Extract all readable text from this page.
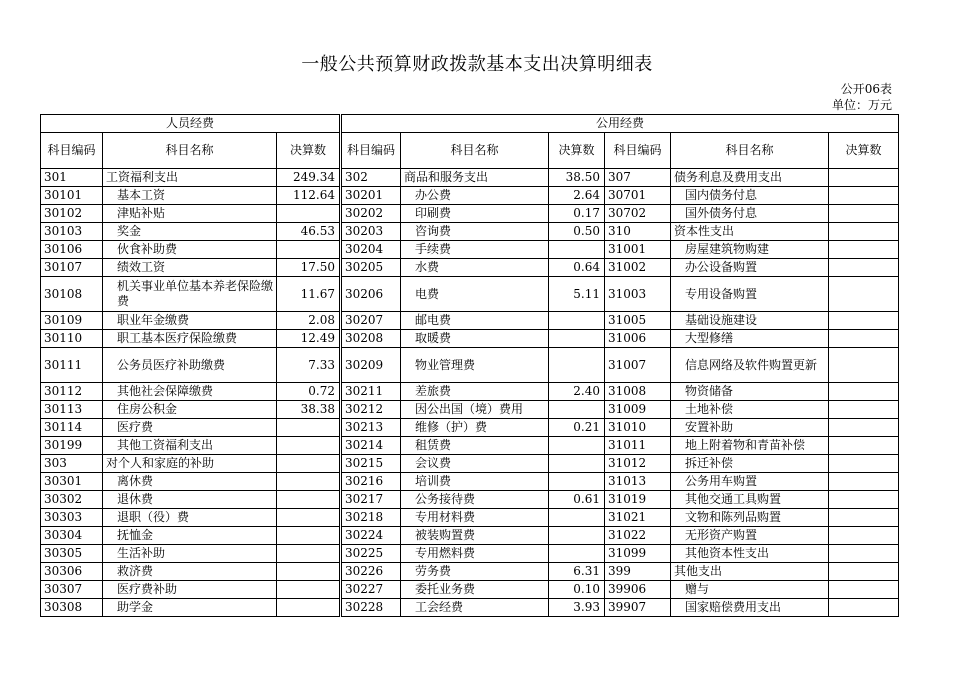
一般公共预算财政拨款基本支出决算明细表
公开06表
单位：万元
人员经费			公用经费					
科目编码	科目名称	决算数	科目编码	科目名称	决算数	科目编码	科目名称	决算数
301	工资福利支出	249.34	302	商品和服务支出	38.50	307	债务利息及费用支出	
30101	基本工资	112.64	30201	办公费	2.64	30701	国内债务付息	
30102	津贴补贴		30202	印刷费	0.17	30702	国外债务付息	
30103	奖金	46.53	30203	咨询费	0.50	310	资本性支出	
30106	伙食补助费		30204	手续费		31001	房屋建筑物购建	
30107	绩效工资	17.50	30205	水费	0.64	31002	办公设备购置	
30108	机关事业单位基本养老保险缴费	11.67	30206	电费	5.11	31003	专用设备购置	
30109	职业年金缴费	2.08	30207	邮电费		31005	基础设施建设	
30110	职工基本医疗保险缴费	12.49	30208	取暖费		31006	大型修缮	
30111	公务员医疗补助缴费	7.33	30209	物业管理费		31007	信息网络及软件购置更新	
30112	其他社会保障缴费	0.72	30211	差旅费	2.40	31008	物资储备	
30113	住房公积金	38.38	30212	因公出国（境）费用		31009	土地补偿	
30114	医疗费		30213	维修（护）费	0.21	31010	安置补助	
30199	其他工资福利支出		30214	租赁费		31011	地上附着物和青苗补偿	
303	对个人和家庭的补助		30215	会议费		31012	拆迁补偿	
30301	离休费		30216	培训费		31013	公务用车购置	
30302	退休费		30217	公务接待费	0.61	31019	其他交通工具购置	
30303	退职（役）费		30218	专用材料费		31021	文物和陈列品购置	
30304	抚恤金		30224	被装购置费		31022	无形资产购置	
30305	生活补助		30225	专用燃料费		31099	其他资本性支出	
30306	救济费		30226	劳务费	6.31	399	其他支出	
30307	医疗费补助		30227	委托业务费	0.10	39906	赠与	
30308	助学金		30228	工会经费	3.93	39907	国家赔偿费用支出	
